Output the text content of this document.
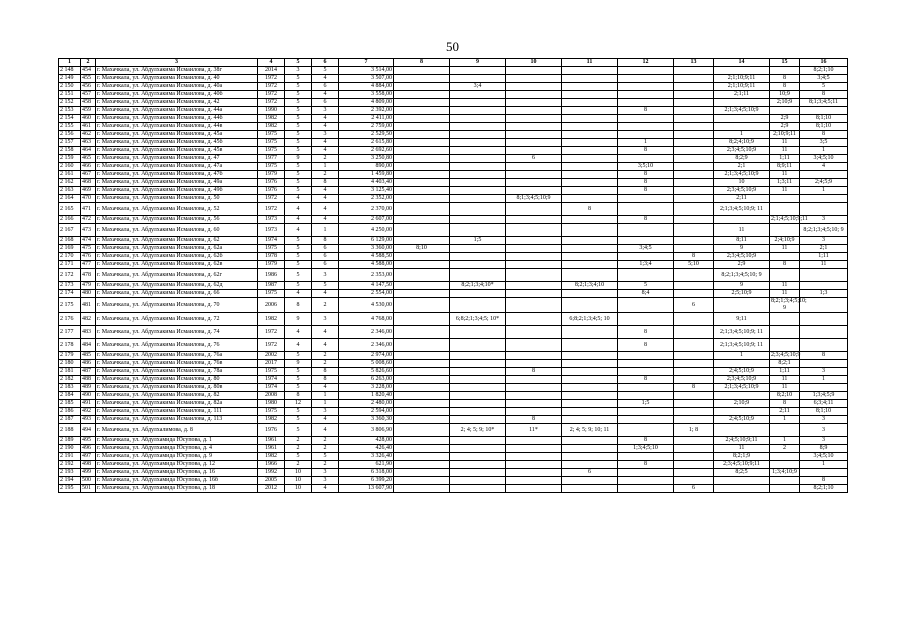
50
1	2	3	4	5	6	7	8	9	10	11	12	13	14	15	16
2 148	454	г. Махачкала, ул. Абдулхакима Исмаилова, д. 38г	2014	3	5	3 514,00									8;2;1;10
2 149	455	г. Махачкала, ул. Абдулхакима Исмаилова, д. 40	1972	5	4	3 507,00							2;1;10;9;11	8	3;4;5
2 150	456	г. Махачкала, ул. Абдулхакима Исмаилова, д. 40а	1972	5	6	4 884,00		3;4					2;1;10;9;11	8	5
2 151	457	г. Махачкала, ул. Абдулхакима Исмаилова, д. 40б	1972	5	4	3 558,00							2;1;11	10;9	8
2 152	458	г. Махачкала, ул. Абдулхакима Исмаилова, д. 42	1972	5	6	4 809,00								2;10;9	8;1;3;4;5;11
2 153	459	г. Махачкала, ул. Абдулхакима Исмаилова, д. 44а	1990	5	3	2 392,00					8		2;1;3;4;5;10;9		
2 154	460	г. Махачкала, ул. Абдулхакима Исмаилова, д. 44б	1982	5	4	2 411,00								2;9	8;1;10
2 155	461	г. Махачкала, ул. Абдулхакима Исмаилова, д. 44в	1982	5	4	2 759,00								2;9	8;1;10
2 156	462	г. Махачкала, ул. Абдулхакима Исмаилова, д. 45а	1975	5	3	2 529,50							1	2;10;9;11	8
2 157	463	г. Махачкала, ул. Абдулхакима Исмаилова, д. 45б	1975	5	4	2 615,80					1		8;2;4;10;9	11	3;5
2 158	464	г. Махачкала, ул. Абдулхакима Исмаилова, д. 45в	1975	5	4	2 692,60					8		2;3;4;5;10;9	11	1
2 159	465	г. Махачкала, ул. Абдулхакима Исмаилова, д. 47	1977	9	2	3 250,80			6				8;2;9	1;11	3;4;5;10
2 160	466	г. Махачкала, ул. Абдулхакима Исмаилова, д. 47а	1975	5	1	890,00					3;5;10		2;1	8;9;11	4
2 161	467	г. Махачкала, ул. Абдулхакима Исмаилова, д. 47б	1979	5	2	1 459,80					8		2;1;3;4;5;10;9	11	
2 162	468	г. Махачкала, ул. Абдулхакима Исмаилова, д. 49а	1976	5	8	4 403,40					8		10	1;3;11	2;4;5;9
2 163	469	г. Махачкала, ул. Абдулхакима Исмаилова, д. 49б	1976	5	4	3 125,40					8		2;3;4;5;10;9	11	1
2 164	470	г. Махачкала, ул. Абдулхакима Исмаилова, д. 50	1972	4	4	2 352,00			8;1;3;4;5;10;9				2;11		
2 165	471	г. Махачкала, ул. Абдулхакима Исмаилова, д. 52	1972	4	4	2 370,00				8			2;1;3;4;5;10;9; 11		
2 166	472	г. Махачкала, ул. Абдулхакима Исмаилова, д. 56	1973	4	4	2 607,00					8			2;1;4;5;10;9;11	3
2 167	473	г. Махачкала, ул. Абдулхакима Исмаилова, д. 60	1973	4	1	4 250,00							11		8;2;1;3;4;5;10; 9
2 168	474	г. Махачкала, ул. Абдулхакима Исмаилова, д. 62	1974	5	8	6 129,00		1;5					8;11	2;4;10;9	3
2 169	475	г. Махачкала, ул. Абдулхакима Исмаилова, д. 62а	1975	5	6	3 360,00	8;10				3;4;5		9	11	2;1
2 170	476	г. Махачкала, ул. Абдулхакима Исмаилова, д. 62б	1978	5	6	4 588,50						8	2;3;4;5;10;9		1;11
2 171	477	г. Махачкала, ул. Абдулхакима Исмаилова, д. 62в	1979	5	6	4 588,00					1;3;4	5;10	2;9	8	11
2 172	478	г. Махачкала, ул. Абдулхакима Исмаилова, д. 62г	1986	5	3	2 353,00							8;2;1;3;4;5;10; 9		
2 173	479	г. Махачкала, ул. Абдулхакима Исмаилова, д. 62д	1987	5	5	4 147,50		8;2;1;3;4;10*		8;2;1;3;4;10	5		9	11	
2 174	480	г. Махачкала, ул. Абдулхакима Исмаилова, д. 66	1975	4	4	2 554,00					8;4		2;5;10;9	11	1;3
2 175	481	г. Махачкала, ул. Абдулхакима Исмаилова, д. 70	2006	8	2	4 530,00						6		8;2;1;3;4;5;10; 9	
2 176	482	г. Махачкала, ул. Абдулхакима Исмаилова, д. 72	1982	9	3	4 768,00		6;8;2;1;3;4;5; 10*		6;8;2;1;3;4;5; 10			9;11		
2 177	483	г. Махачкала, ул. Абдулхакима Исмаилова, д. 74	1972	4	4	2 346,00					8		2;1;3;4;5;10;9; 11		
2 178	484	г. Махачкала, ул. Абдулхакима Исмаилова, д. 76	1972	4	4	2 346,00					8		2;1;3;4;5;10;9; 11		
2 179	485	г. Махачкала, ул. Абдулхакима Исмаилова, д. 76а	2002	5	2	2 974,00							1	2;3;4;5;10;9	8
2 180	486	г. Махачкала, ул. Абдулхакима Исмаилова, д. 76в	2017	9	2	5 008,60								8;2;1	
2 181	487	г. Махачкала, ул. Абдулхакима Исмаилова, д. 78а	1975	5	8	5 826,60			8				2;4;5;10;9	1;11	3
2 182	488	г. Махачкала, ул. Абдулхакима Исмаилова, д. 80	1974	5	8	6 263,00					8		2;3;4;5;10;9	11	1
2 183	489	г. Махачкала, ул. Абдулхакима Исмаилова, д. 80в	1974	5	4	3 228,00						8	2;1;3;4;5;10;9	11	
2 184	490	г. Махачкала, ул. Абдулхакима Исмаилова, д. 82	2008	8	1	1 820,40								8;2;10	1;3;4;5;9
2 185	491	г. Махачкала, ул. Абдулхакима Исмаилова, д. 82а	1980	12	1	2 480,00					1;5		2;10;9	8	6;3;4;11
2 186	492	г. Махачкала, ул. Абдулхакима Исмаилова, д. 111	1975	5	3	2 594,00								2;11	8;1;10
2 187	493	г. Махачкала, ул. Абдулхакима Исмаилова, д. 113	1982	5	4	3 360,30			8				2;4;5;10;9	1	3
2 188	494	г. Махачкала, ул. Абдулхалимова, д. 8	1976	5	4	3 806,90		2; 4; 5; 9; 10*	11*	2; 4; 5; 9; 10; 11		1; 8			3
2 189	495	г. Махачкала, ул. Абдулхамида Юсупова, д. 1	1961	2	2	428,00					8		2;4;5;10;9;11	1	3
2 190	496	г. Махачкала, ул. Абдулхамида Юсупова, д. 4	1961	2	2	426,40					1;3;4;5;10		11	2	8;9
2 191	497	г. Махачкала, ул. Абдулхамида Юсупова, д. 9	1982	5	5	3 326,40							8;2;1;9		3;4;5;10
2 192	498	г. Махачкала, ул. Абдулхамида Юсупова, д. 12	1966	2	2	621,90					8		2;3;4;5;10;9;11		1
2 193	499	г. Махачкала, ул. Абдулхамида Юсупова, д. 16	1992	10	3	6 318,00				6			8;2;5	1;3;4;10;9	
2 194	500	г. Махачкала, ул. Абдулхамида Юсупова, д. 16б	2005	10	3	6 399,20									8
2 195	501	г. Махачкала, ул. Абдулхамида Юсупова, д. 18	2012	10	4	13 607,90						6			8;2;1;10
